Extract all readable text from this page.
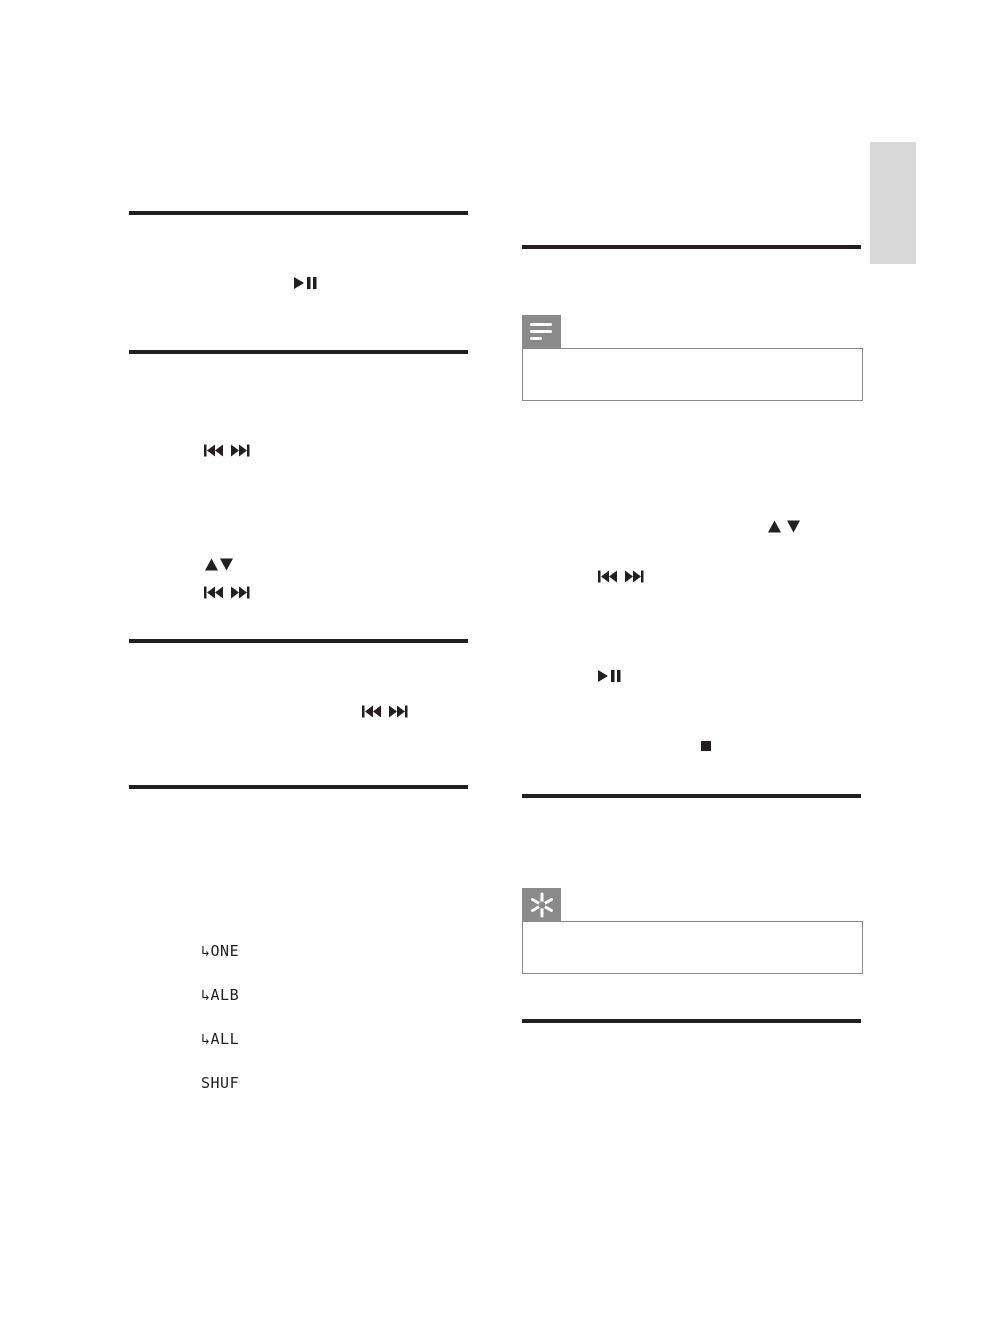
↳ONE
↳ALB
↳ALL
SHUF
